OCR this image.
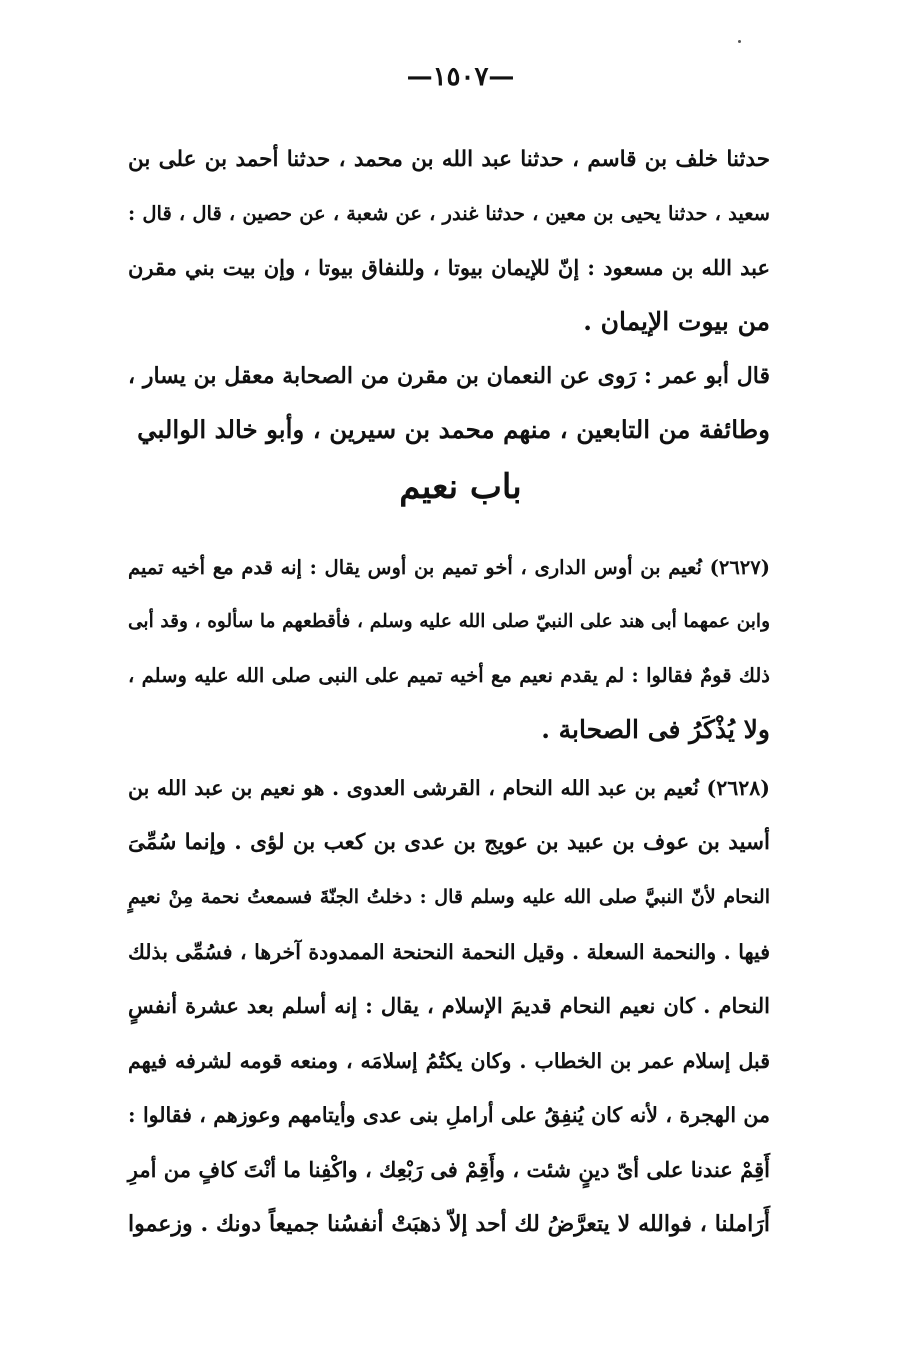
—١٥٠٧—
حدثنا خلف بن قاسم ، حدثنا عبد الله بن محمد ، حدثنا أحمد بن على بن
سعيد ، حدثنا يحيى بن معين ، حدثنا غندر ، عن شعبة ، عن حصين ، قال ، قال :
عبد الله بن مسعود : إنّ للإيمان بيوتا ، وللنفاق بيوتا ، وإن بيت بني مقرن
من بيوت الإيمان .
قال أبو عمر : رَوى عن النعمان بن مقرن من الصحابة معقل بن يسار ،
وطائفة من التابعين ، منهم محمد بن سيرين ، وأبو خالد الوالبي
باب نعيم
(٢٦٢٧) نُعيم بن أوس الدارى ، أخو تميم بن أوس يقال : إنه قدم مع أخيه تميم
وابن عمهما أبى هند على النبيّ صلى الله عليه وسلم ، فأقطعهم ما سألوه ، وقد أبى
ذلك قومٌ فقالوا : لم يقدم نعيم مع أخيه تميم على النبى صلى الله عليه وسلم ،
ولا يُذْكَرُ فى الصحابة .
(٢٦٢٨) نُعيم بن عبد الله النحام ، القرشى العدوى . هو نعيم بن عبد الله بن
أسيد بن عوف بن عبيد بن عويج بن عدى بن كعب بن لؤى . وإنما سُمِّىَ
النحام لأنّ النبيَّ صلى الله عليه وسلم قال : دخلتُ الجنّةَ فسمعتُ نحمة مِنْ نعيمٍ
فيها . والنحمة السعلة . وقيل النحمة النحنحة الممدودة آخرها ، فسُمِّى بذلك
النحام . كان نعيم النحام قديمَ الإسلام ، يقال : إنه أسلم بعد عشرة أنفسٍ
قبل إسلام عمر بن الخطاب . وكان يكتُمُ إسلامَه ، ومنعه قومه لشرفه فيهم
من الهجرة ، لأنه كان يُنفِقُ على أراملِ بنى عدى وأيتامهم وعوزهم ، فقالوا :
أَقِمْ عندنا على أىّ دينٍ شئت ، وأَقِمْ فى رَبْعِك ، واكْفِنا ما أنْتَ كافٍ من أمرِ
أَرَاملنا ، فوالله لا يتعرَّضُ لك أحد إلاّ ذهبَتْ أنفسُنا جميعاً دونك . وزعموا
